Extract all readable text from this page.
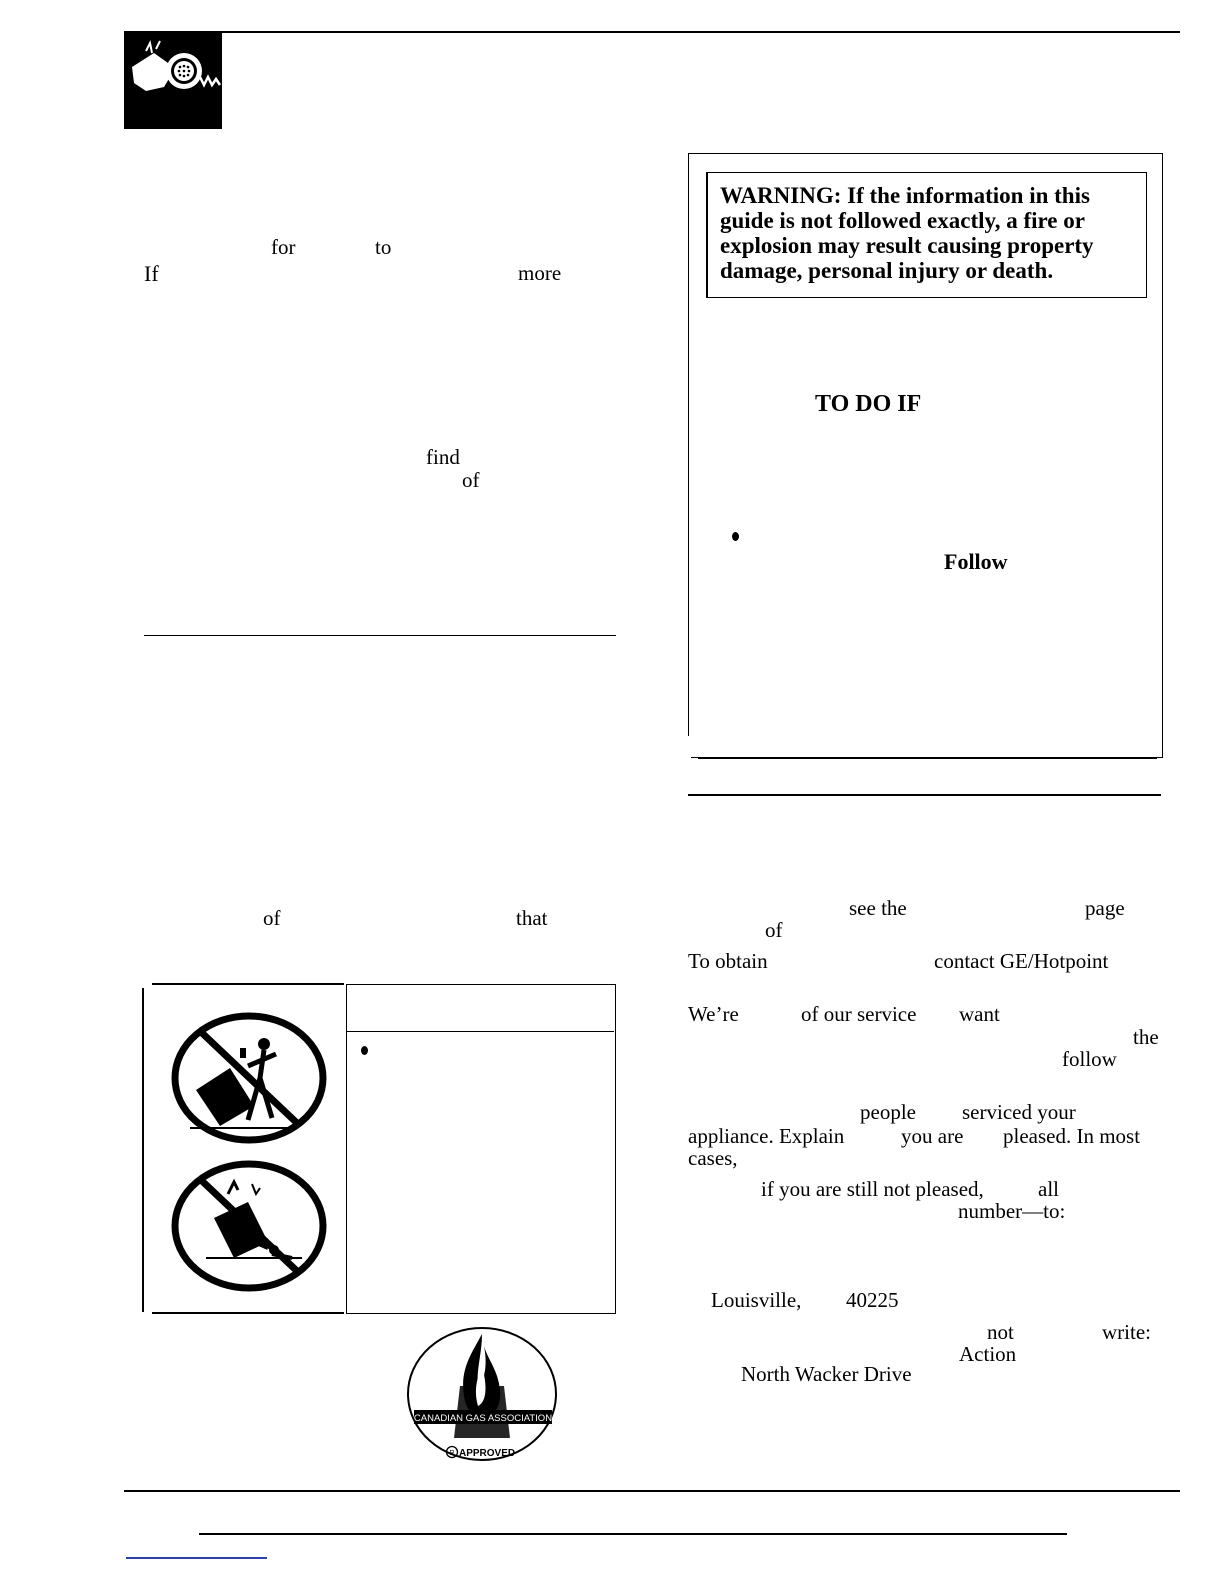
for	to
If	more
find
of
of	that
CANADIAN GAS ASSOCIATION
R APPROVED
WARNING: If the information in this guide is not followed exactly, a fire or explosion may result causing property damage, personal injury or death.
TO DO IF
Follow
see the	page
of
To obtain	contact GE/Hotpoint
We’re	of our service want
the
follow
people serviced your
appliance. Explain	you are pleased. In most
cases,
if you are still not pleased,	all
number—to:
Louisville, 40225
not	write:
Action
North Wacker Drive
